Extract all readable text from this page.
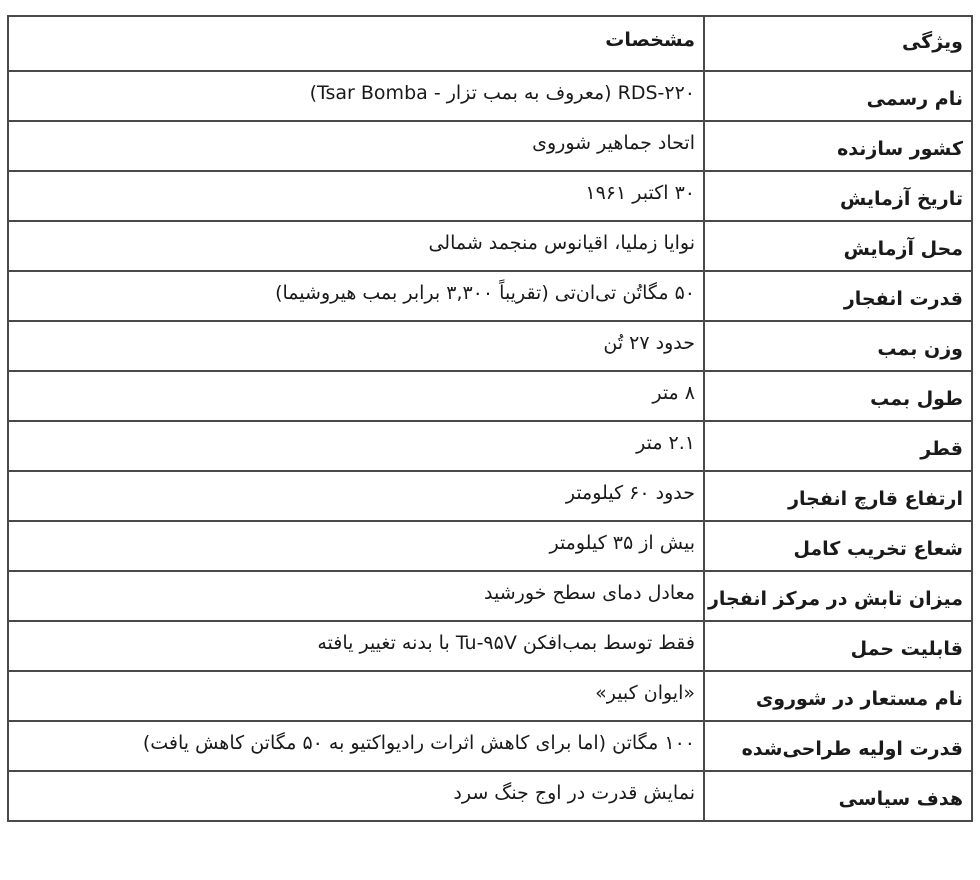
ویژگی	مشخصات
نام رسمی	RDS-۲۲۰ (معروف به بمب تزار - Tsar Bomba)
کشور سازنده	اتحاد جماهیر شوروی
تاریخ آزمایش	۳۰ اکتبر ۱۹۶۱
محل آزمایش	نوایا زملیا، اقیانوس منجمد شمالی
قدرت انفجار	۵۰ مگاتُن تی‌ان‌تی (تقریباً ۳,۳۰۰ برابر بمب هیروشیما)
وزن بمب	حدود ۲۷ تُن
طول بمب	۸ متر
قطر	۲.۱ متر
ارتفاع قارچ انفجار	حدود ۶۰ کیلومتر
شعاع تخریب کامل	بیش از ۳۵ کیلومتر
میزان تابش در مرکز انفجار	معادل دمای سطح خورشید
قابلیت حمل	فقط توسط بمب‌افکن Tu-۹۵V با بدنه تغییر یافته
نام مستعار در شوروی	«ایوان کبیر»
قدرت اولیه طراحی‌شده	۱۰۰ مگاتن (اما برای کاهش اثرات رادیواکتیو به ۵۰ مگاتن کاهش یافت)
هدف سیاسی	نمایش قدرت در اوج جنگ سرد
